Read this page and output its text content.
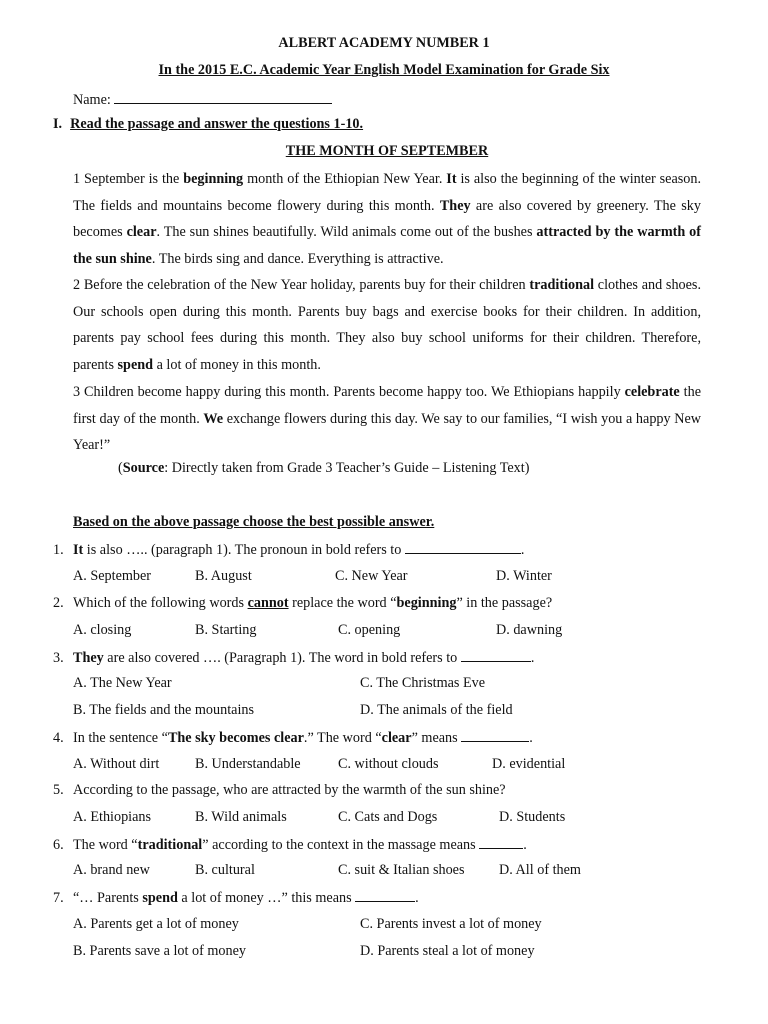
ALBERT ACADEMY NUMBER 1
In the 2015 E.C. Academic Year English Model Examination for Grade Six
Name:
I. Read the passage and answer the questions 1-10.
THE MONTH OF SEPTEMBER
1 September is the beginning month of the Ethiopian New Year. It is also the beginning of the winter season. The fields and mountains become flowery during this month. They are also covered by greenery. The sky becomes clear. The sun shines beautifully. Wild animals come out of the bushes attracted by the warmth of the sun shine. The birds sing and dance. Everything is attractive.
2 Before the celebration of the New Year holiday, parents buy for their children traditional clothes and shoes. Our schools open during this month. Parents buy bags and exercise books for their children. In addition, parents pay school fees during this month. They also buy school uniforms for their children. Therefore, parents spend a lot of money in this month.
3 Children become happy during this month. Parents become happy too. We Ethiopians happily celebrate the first day of the month. We exchange flowers during this day. We say to our families, “I wish you a happy New Year!”
(Source: Directly taken from Grade 3 Teacher’s Guide – Listening Text)
Based on the above passage choose the best possible answer.
1. It is also ….. (paragraph 1). The pronoun in bold refers to	.
A. September	B. August	C. New Year	D. Winter
2. Which of the following words cannot replace the word “beginning” in the passage?
A. closing	B. Starting	C. opening	D. dawning
3. They are also covered …. (Paragraph 1). The word in bold refers to	.
A. The New Year
B. The fields and the mountains
C. The Christmas Eve
D. The animals of the field
4. In the sentence “The sky becomes clear.” The word “clear” means	.
A. Without dirt	B. Understandable	C. without clouds	D. evidential
5. According to the passage, who are attracted by the warmth of the sun shine?
A. Ethiopians	B. Wild animals	C. Cats and Dogs	D. Students
6. The word “traditional” according to the context in the massage means	.
A. brand new	B. cultural	C. suit & Italian shoes D. All of them
7. “… Parents spend a lot of money …” this means	.
A. Parents get a lot of money
B. Parents save a lot of money
C. Parents invest a lot of money
D. Parents steal a lot of money
